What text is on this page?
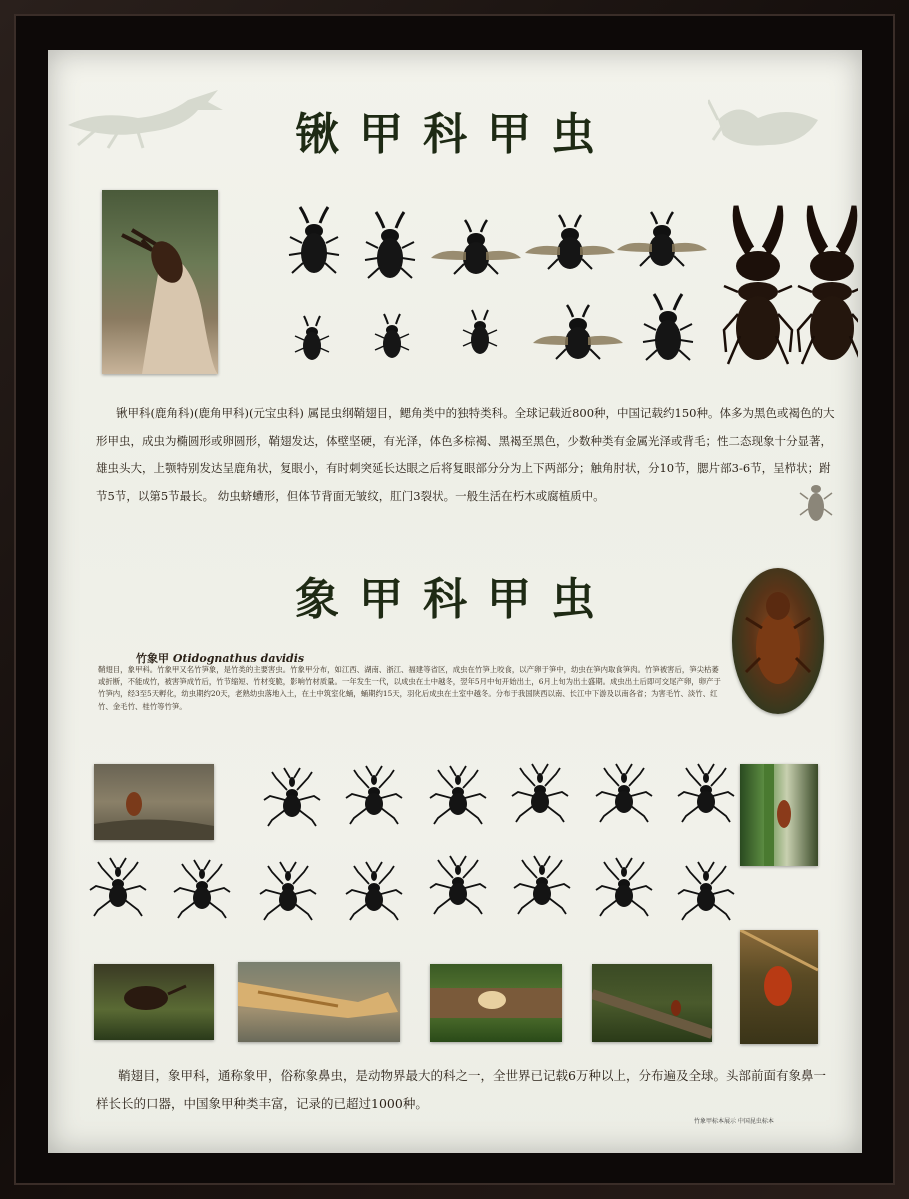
锹甲科甲虫
锹甲科(鹿角科)(鹿角甲科)(元宝虫科) 属昆虫纲鞘翅目，鳃角类中的独特类科。全球记载近800种，中国记载约150种。体多为黑色或褐色的大形甲虫，成虫为椭圆形或卵圆形，鞘翅发达，体壁坚硬，有光泽，体色多棕褐、黑褐至黑色，少数种类有金属光泽或背毛；性二态现象十分显著，雄虫头大，上颚特别发达呈鹿角状，复眼小，有时刺突延长达眼之后将复眼部分分为上下两部分；触角肘状，分10节，腮片部3-6节，呈栉状；跗节5节，以第5节最长。 幼虫蛴螬形，但体节背面无皱纹，肛门3裂状。一般生活在朽木或腐植质中。
象甲科甲虫
竹象甲 Otidognathus davidis
鞘翅目，象甲科。竹象甲又名竹笋象，是竹类的主要害虫。竹象甲分布，如江西、湖南、浙江、福建等省区，成虫在竹笋上咬食，以产卵于笋中，幼虫在笋内取食笋肉。竹笋被害后，笋尖枯萎或折断，不能成竹，被害笋成竹后，竹节缩短、竹材变脆，影响竹材质量。一年发生一代，以成虫在土中越冬，翌年5月中旬开始出土，6月上旬为出土盛期。成虫出土后即可交尾产卵，卵产于竹笋内，经3至5天孵化，幼虫期约20天，老熟幼虫落地入土，在土中筑室化蛹，蛹期约15天，羽化后成虫在土室中越冬。分布于我国陕西以南、长江中下游及以南各省；为害毛竹、淡竹、红竹、金毛竹、桂竹等竹笋。
鞘翅目，象甲科，通称象甲，俗称象鼻虫，是动物界最大的科之一，全世界已记载6万种以上，分布遍及全球。头部前面有象鼻一样长长的口器，中国象甲种类丰富，记录的已超过1000种。
竹象甲标本展示 中国昆虫标本
